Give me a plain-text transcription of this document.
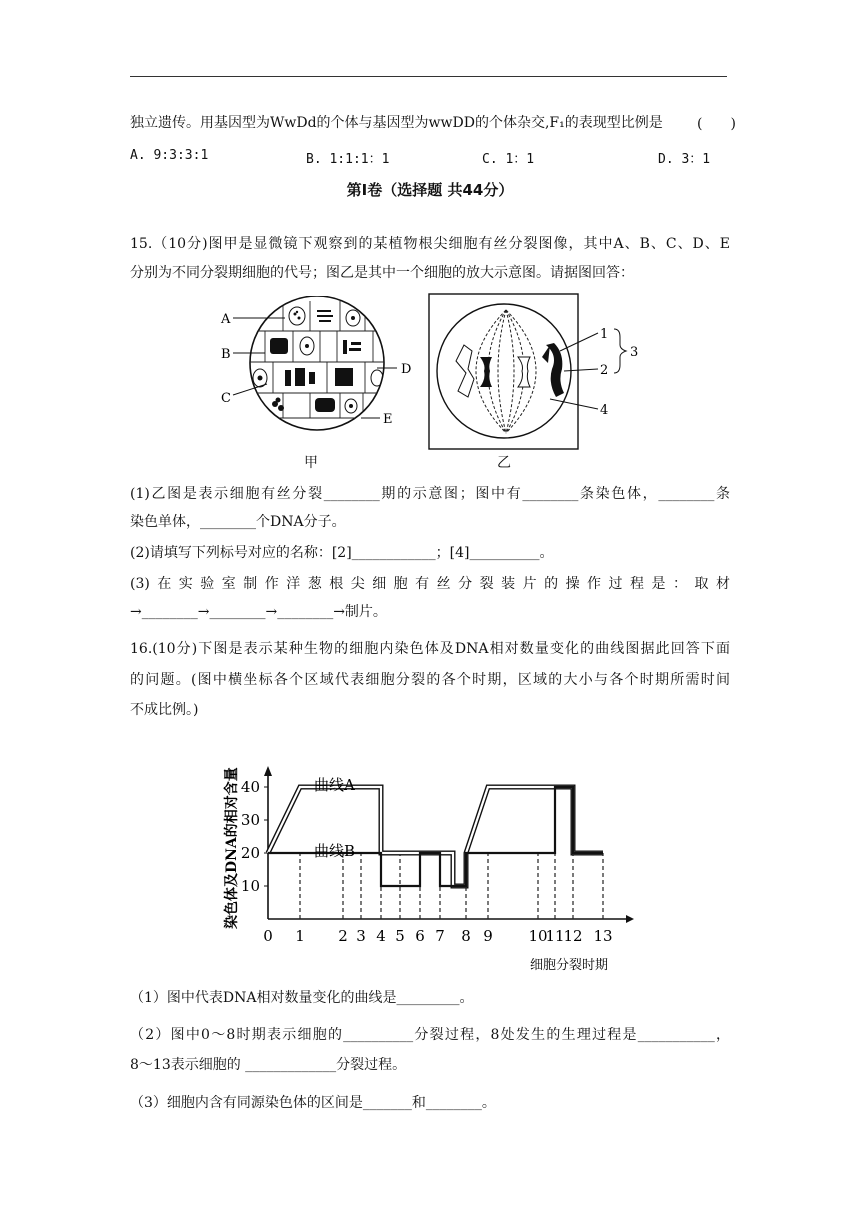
独立遗传。用基因型为WwDd的个体与基因型为wwDD的个体杂交,F₁的表现型比例是	(　　)
A. 9:3:3:1	B. 1:1:1：1	C. 1：1	D. 3：1
第Ⅰ卷（选择题 共44分）
15.（10分)图甲是显微镜下观察到的某植物根尖细胞有丝分裂图像，其中A、B、C、D、E
分别为不同分裂期细胞的代号；图乙是其中一个细胞的放大示意图。请据图回答：
A
B
C
D
E
甲
1
2
3
4
乙
(1)乙图是表示细胞有丝分裂________期的示意图；图中有________条染色体，________条
染色单体，________个DNA分子。
(2)请填写下列标号对应的名称：[2]____________；[4]__________。
(3)在实验室制作洋葱根尖细胞有丝分裂装片的操作过程是：取材
→________→________→________→制片。
16.(10分)下图是表示某种生物的细胞内染色体及DNA相对数量变化的曲线图据此回答下面
的问题。(图中横坐标各个区域代表细胞分裂的各个时期，区域的大小与各个时期所需时间
不成比例。)
染色体及DNA的相对含量
细胞分裂时期
10
20
30
40
0 1 2 3 4 5 6 7 8 9 10
11
12 13
曲线A
曲线B
（1）图中代表DNA相对数量变化的曲线是_________。
（2）图中0～8时期表示细胞的__________分裂过程，8处发生的生理过程是___________，
8～13表示细胞的 _____________分裂过程。
（3）细胞内含有同源染色体的区间是_______和________。
